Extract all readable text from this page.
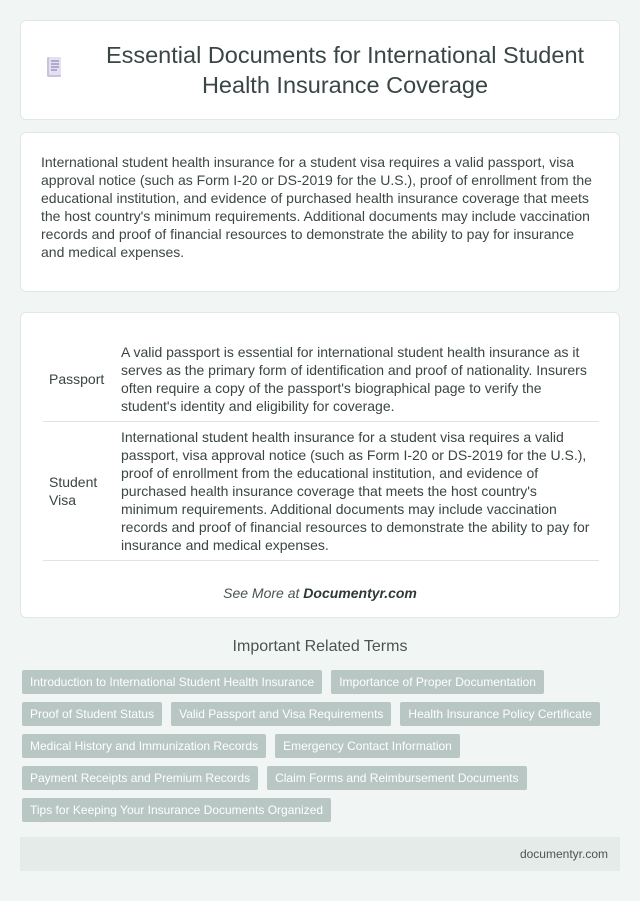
Essential Documents for International Student Health Insurance Coverage

International student health insurance for a student visa requires a valid passport, visa approval notice (such as Form I-20 or DS-2019 for the U.S.), proof of enrollment from the educational institution, and evidence of purchased health insurance coverage that meets the host country's minimum requirements. Additional documents may include vaccination records and proof of financial resources to demonstrate the ability to pay for insurance and medical expenses.

Passport	A valid passport is essential for international student health insurance as it serves as the primary form of identification and proof of nationality. Insurers often require a copy of the passport's biographical page to verify the student's identity and eligibility for coverage.
Student Visa	International student health insurance for a student visa requires a valid passport, visa approval notice (such as Form I-20 or DS-2019 for the U.S.), proof of enrollment from the educational institution, and evidence of purchased health insurance coverage that meets the host country's minimum requirements. Additional documents may include vaccination records and proof of financial resources to demonstrate the ability to pay for insurance and medical expenses.
See More at Documentyr.com
Important Related Terms
Introduction to International Student Health Insurance	Importance of Proper Documentation
Proof of Student Status	Valid Passport and Visa Requirements	Health Insurance Policy Certificate
Medical History and Immunization Records	Emergency Contact Information
Payment Receipts and Premium Records	Claim Forms and Reimbursement Documents
Tips for Keeping Your Insurance Documents Organized
documentyr.com
